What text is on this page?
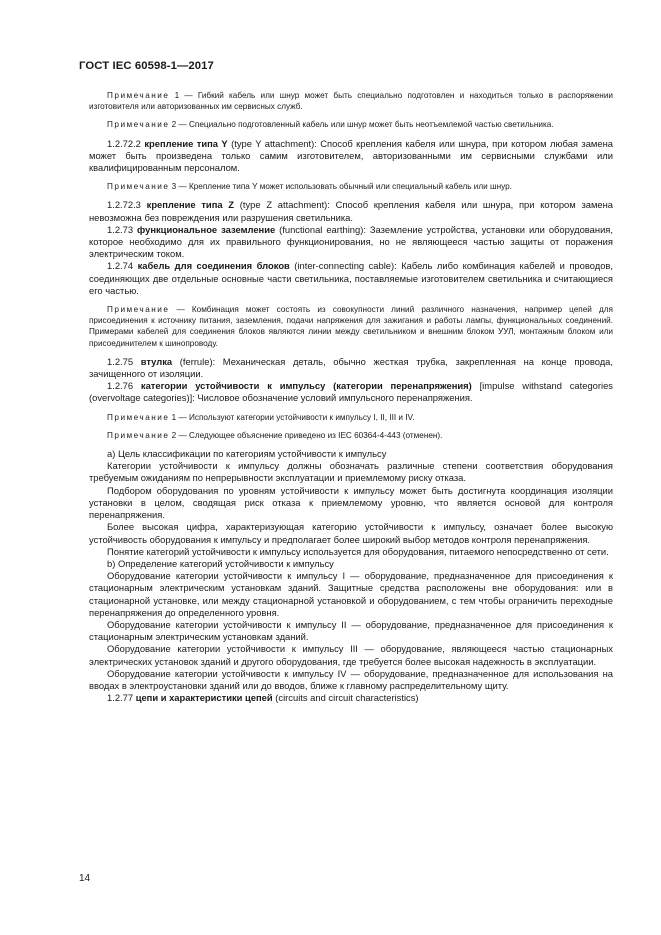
ГОСТ IEC 60598-1—2017

Примечание 1 — Гибкий кабель или шнур может быть специально подготовлен и находиться только в распоряжении изготовителя или авторизованных им сервисных служб.

Примечание 2 — Специально подготовленный кабель или шнур может быть неотъемлемой частью светильника.

1.2.72.2 крепление типа Y (type Y attachment): Способ крепления кабеля или шнура, при котором любая замена может быть произведена только самим изготовителем, авторизованными им сервисными службами или квалифицированным персоналом.

Примечание 3 — Крепление типа Y может использовать обычный или специальный кабель или шнур.

1.2.72.3 крепление типа Z (type Z attachment): Способ крепления кабеля или шнура, при котором замена невозможна без повреждения или разрушения светильника.

1.2.73 функциональное заземление (functional earthing): Заземление устройства, установки или оборудования, которое необходимо для их правильного функционирования, но не являющееся частью защиты от поражения электрическим током.

1.2.74 кабель для соединения блоков (inter-connecting cable): Кабель либо комбинация кабелей и проводов, соединяющих две отдельные основные части светильника, поставляемые изготовителем светильника и считающиеся его частью.

Примечание — Комбинация может состоять из совокупности линий различного назначения, например цепей для присоединения к источнику питания, заземления, подачи напряжения для зажигания и работы лампы, функциональных соединений. Примерами кабелей для соединения блоков являются линии между светильником и внешним блоком УУЛ, монтажным блоком или присоединителем к шинопроводу.

1.2.75 втулка (ferrule): Механическая деталь, обычно жесткая трубка, закрепленная на конце провода, зачищенного от изоляции.

1.2.76 категории устойчивости к импульсу (категории перенапряжения) [impulse withstand categories (overvoltage categories)]: Числовое обозначение условий импульсного перенапряжения.

Примечание 1 — Используют категории устойчивости к импульсу I, II, III и IV.

Примечание 2 — Следующее объяснение приведено из IEC 60364-4-443 (отменен).

а) Цель классификации по категориям устойчивости к импульсу

Категории устойчивости к импульсу должны обозначать различные степени соответствия оборудования требуемым ожиданиям по непрерывности эксплуатации и приемлемому риску отказа.

Подбором оборудования по уровням устойчивости к импульсу может быть достигнута координация изоляции установки в целом, сводящая риск отказа к приемлемому уровню, что является основой для контроля перенапряжения.

Более высокая цифра, характеризующая категорию устойчивости к импульсу, означает более высокую устойчивость оборудования к импульсу и предполагает более широкий выбор методов контроля перенапряжения.

Понятие категорий устойчивости к импульсу используется для оборудования, питаемого непосредственно от сети.

b) Определение категорий устойчивости к импульсу

Оборудование категории устойчивости к импульсу I — оборудование, предназначенное для присоединения к стационарным электрическим установкам зданий. Защитные средства расположены вне оборудования: или в стационарной установке, или между стационарной установкой и оборудованием, с тем чтобы ограничить переходные перенапряжения до определенного уровня.

Оборудование категории устойчивости к импульсу II — оборудование, предназначенное для присоединения к стационарным электрическим установкам зданий.

Оборудование категории устойчивости к импульсу III — оборудование, являющееся частью стационарных электрических установок зданий и другого оборудования, где требуется более высокая надежность в эксплуатации.

Оборудование категории устойчивости к импульсу IV — оборудование, предназначенное для использования на вводах в электроустановки зданий или до вводов, ближе к главному распределительному щиту.

1.2.77 цепи и характеристики цепей (circuits and circuit characteristics)

14
